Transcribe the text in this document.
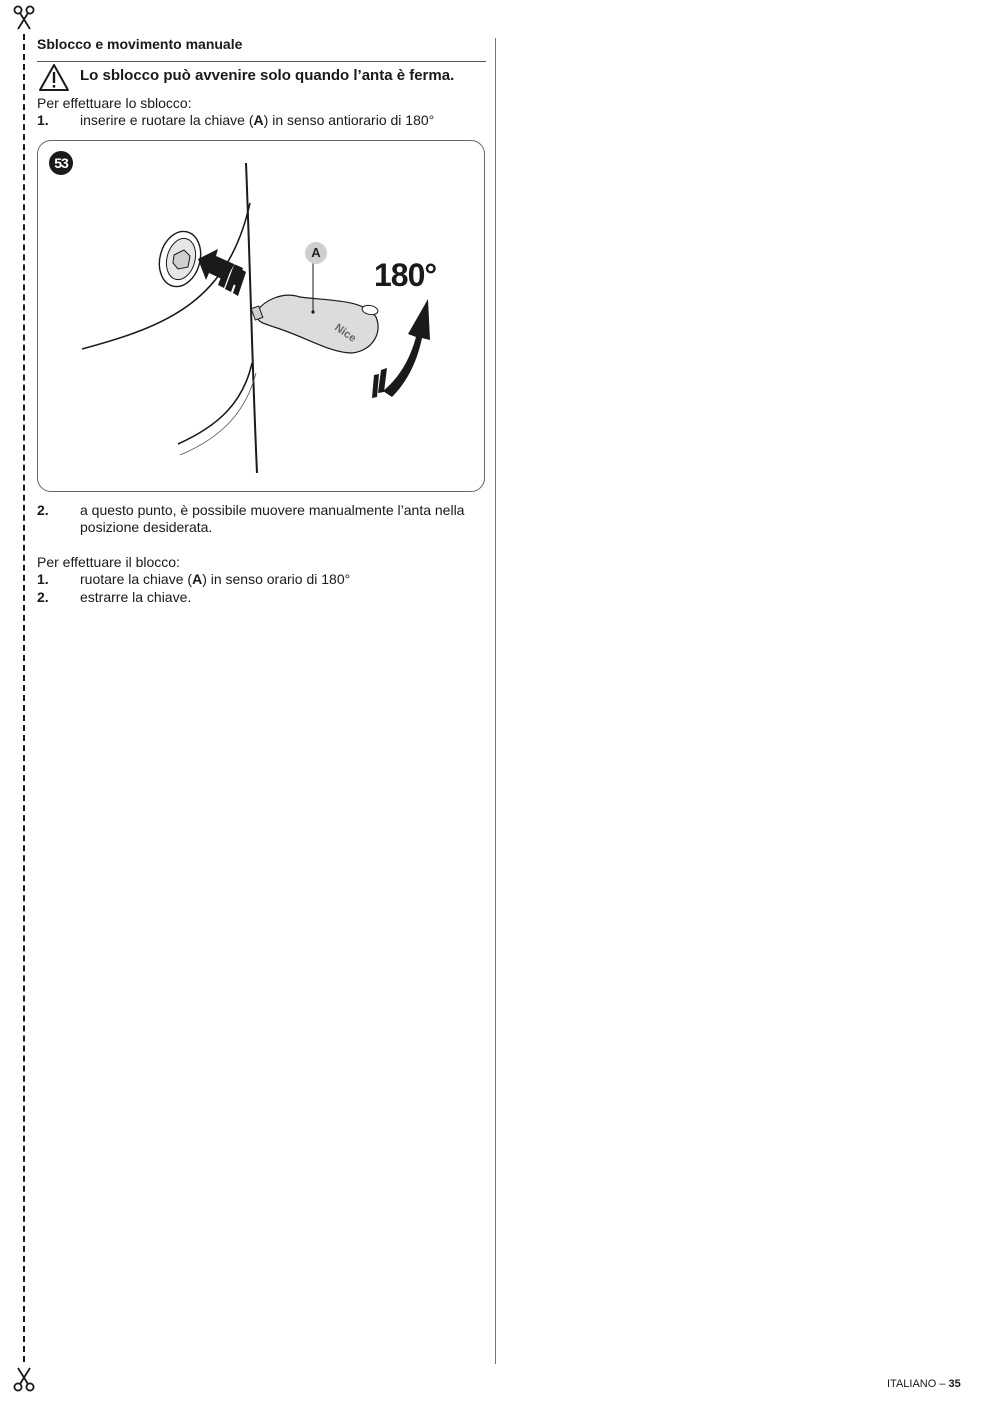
Sblocco e movimento manuale
Lo sblocco può avvenire solo quando l’anta è ferma.
Per effettuare lo sblocco:
1. inserire e ruotare la chiave (A) in senso antiorario di 180°
Nice
53
A
180°
2. a questo punto, è possibile muovere manualmente l’anta nella posizione desiderata.
Per effettuare il blocco:
1. ruotare la chiave (A) in senso orario di 180°
2. estrarre la chiave.
ITALIANO – 35
